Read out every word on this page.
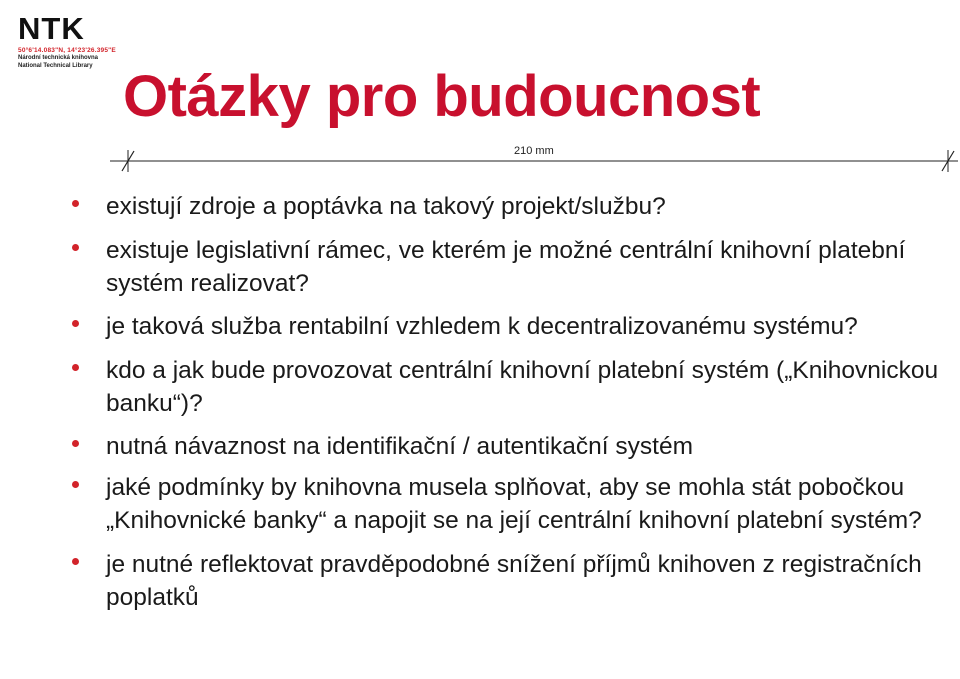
NTK
50°6'14.083"N, 14°23'26.395"E
Národní technická knihovna
National Technical Library Otázky pro budoucnost
210 mm
existují zdroje a poptávka na takový projekt/službu?
existuje legislativní rámec, ve kterém je možné centrální knihovní platební systém realizovat?
je taková služba rentabilní vzhledem k decentralizovanému systému?
kdo a jak bude provozovat centrální knihovní platební systém („Knihovnickou banku“)?
nutná návaznost na identifikační / autentikační systém
jaké podmínky by knihovna musela splňovat, aby se mohla stát pobočkou „Knihovnické banky“ a napojit se na její centrální knihovní platební systém?
je nutné reflektovat pravděpodobné snížení příjmů knihoven z registračních poplatků
